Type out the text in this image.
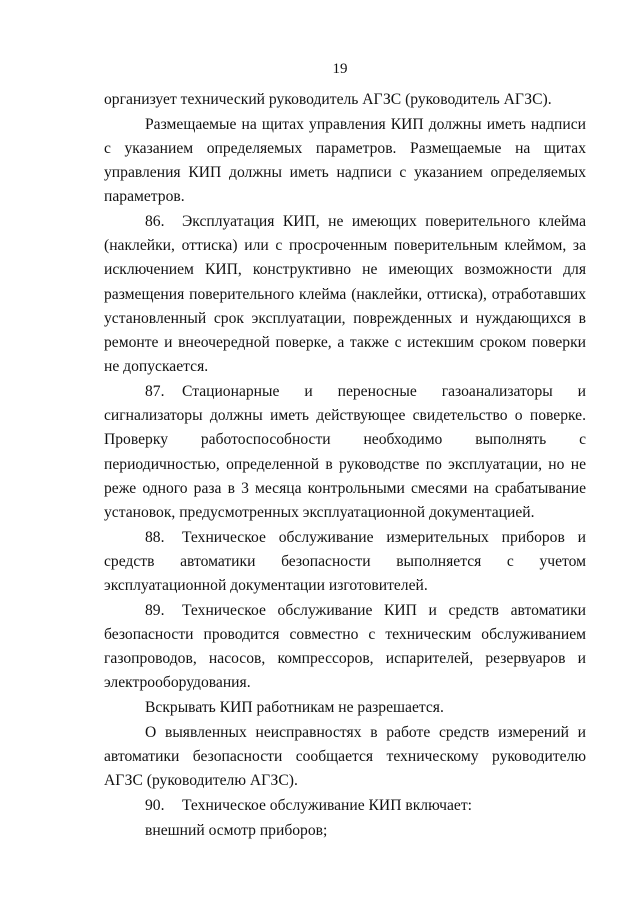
19

организует технический руководитель АГЗС (руководитель АГЗС).

Размещаемые на щитах управления КИП должны иметь надписи с указанием определяемых параметров. Размещаемые на щитах управления КИП должны иметь надписи с указанием определяемых параметров.

86. Эксплуатация КИП, не имеющих поверительного клейма (наклейки, оттиска) или с просроченным поверительным клеймом, за исключением КИП, конструктивно не имеющих возможности для размещения поверительного клейма (наклейки, оттиска), отработавших установленный срок эксплуатации, поврежденных и нуждающихся в ремонте и внеочередной поверке, а также с истекшим сроком поверки не допускается.

87. Стационарные и переносные газоанализаторы и сигнализаторы должны иметь действующее свидетельство о поверке. Проверку работоспособности необходимо выполнять с периодичностью, определенной в руководстве по эксплуатации, но не реже одного раза в 3 месяца контрольными смесями на срабатывание установок, предусмотренных эксплуатационной документацией.

88. Техническое обслуживание измерительных приборов и средств автоматики безопасности выполняется с учетом эксплуатационной документации изготовителей.

89. Техническое обслуживание КИП и средств автоматики безопасности проводится совместно с техническим обслуживанием газопроводов, насосов, компрессоров, испарителей, резервуаров и электрооборудования.

Вскрывать КИП работникам не разрешается.

О выявленных неисправностях в работе средств измерений и автоматики безопасности сообщается техническому руководителю АГЗС (руководителю АГЗС).

90. Техническое обслуживание КИП включает:

внешний осмотр приборов;
